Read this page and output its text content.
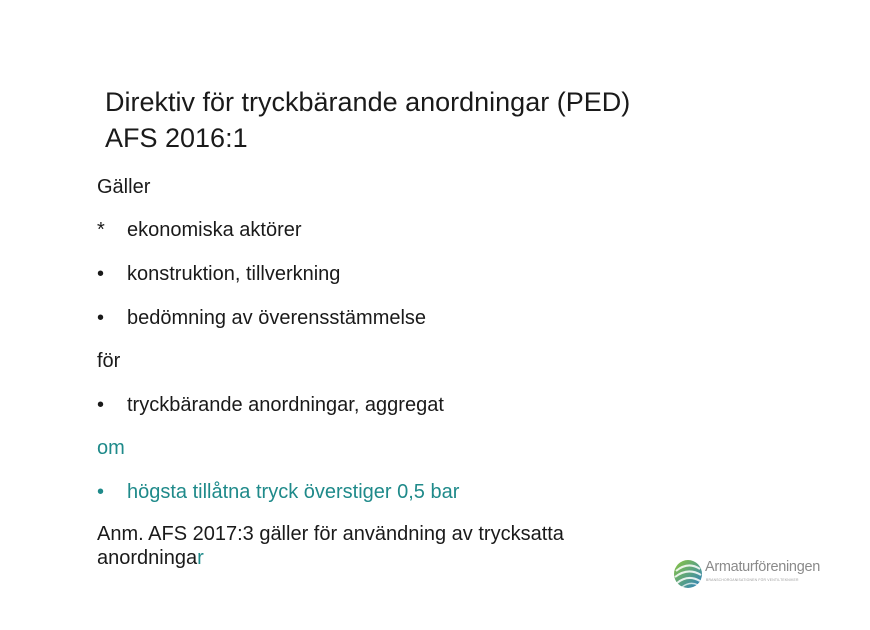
Direktiv för tryckbärande anordningar (PED)
AFS 2016:1
Gäller
* ekonomiska aktörer
• konstruktion, tillverkning
• bedömning av överensstämmelse
för
• tryckbärande anordningar, aggregat
om
• högsta tillåtna tryck överstiger 0,5 bar
Anm. AFS 2017:3 gäller för användning av trycksatta
anordningar	Armaturföreningen
BRANSCHORGANISATIONEN FÖR VENTILTEKNIKER
